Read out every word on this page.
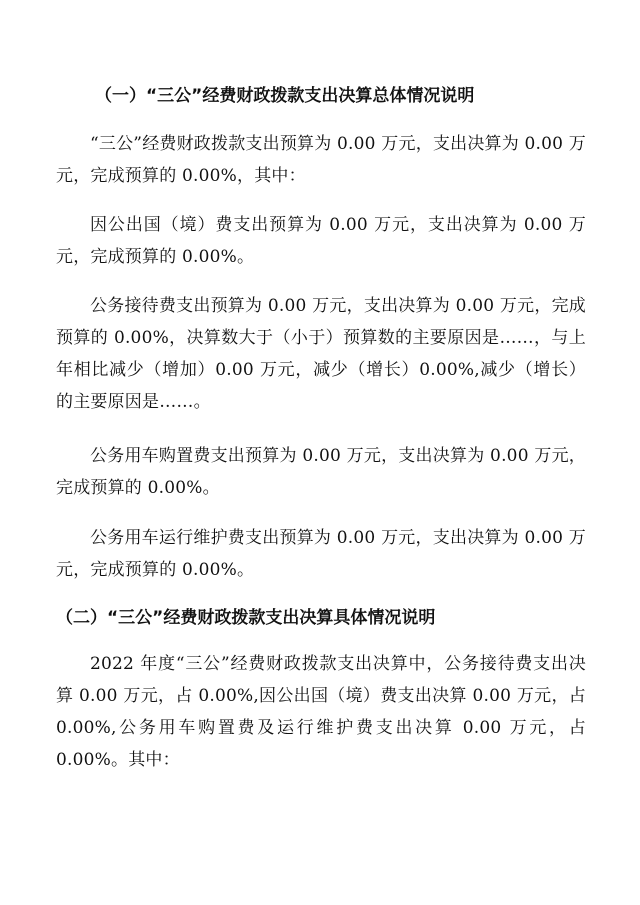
（一）“三公”经费财政拨款支出决算总体情况说明

“三公”经费财政拨款支出预算为 0.00 万元，支出决算为 0.00 万元，完成预算的 0.00%，其中：

因公出国（境）费支出预算为 0.00 万元，支出决算为 0.00 万元，完成预算的 0.00%。

公务接待费支出预算为 0.00 万元，支出决算为 0.00 万元，完成预算的 0.00%，决算数大于（小于）预算数的主要原因是……，与上年相比减少（增加）0.00 万元，减少（增长）0.00%,减少（增长）的主要原因是……。

公务用车购置费支出预算为 0.00 万元，支出决算为 0.00 万元，完成预算的 0.00%。

公务用车运行维护费支出预算为 0.00 万元，支出决算为 0.00 万元，完成预算的 0.00%。

（二）“三公”经费财政拨款支出决算具体情况说明

2022 年度“三公”经费财政拨款支出决算中，公务接待费支出决算 0.00 万元，占 0.00%,因公出国（境）费支出决算 0.00 万元，占 0.00%,公务用车购置费及运行维护费支出决算 0.00 万元，占 0.00%。其中：
